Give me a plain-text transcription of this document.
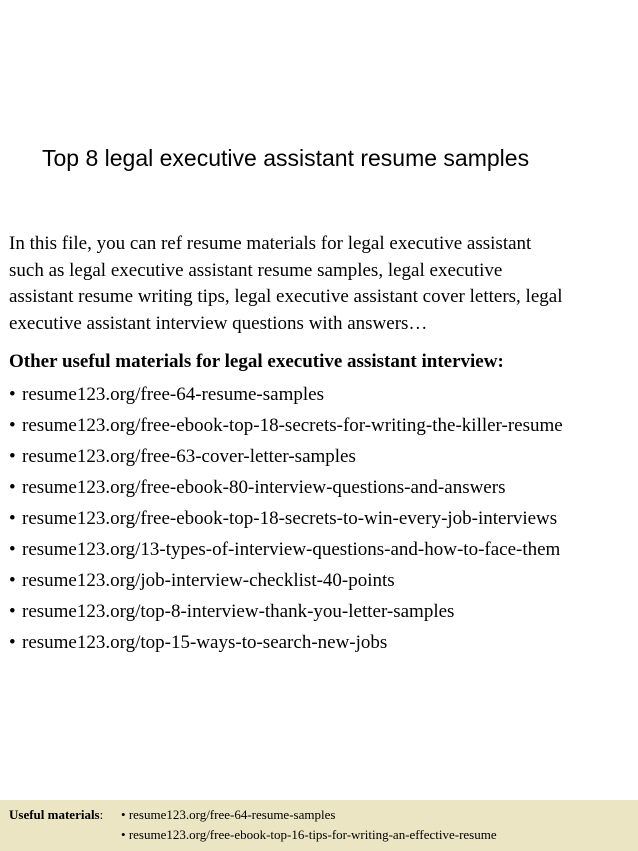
Top 8 legal executive assistant resume samples
In this file, you can ref resume materials for legal executive assistant
such as legal executive assistant resume samples, legal executive
assistant resume writing tips, legal executive assistant cover letters, legal
executive assistant interview questions with answers…
Other useful materials for legal executive assistant interview:
• resume123.org/free-64-resume-samples
• resume123.org/free-ebook-top-18-secrets-for-writing-the-killer-resume
• resume123.org/free-63-cover-letter-samples
• resume123.org/free-ebook-80-interview-questions-and-answers
• resume123.org/free-ebook-top-18-secrets-to-win-every-job-interviews
• resume123.org/13-types-of-interview-questions-and-how-to-face-them
• resume123.org/job-interview-checklist-40-points
• resume123.org/top-8-interview-thank-you-letter-samples
• resume123.org/top-15-ways-to-search-new-jobs
Useful materials: • resume123.org/free-64-resume-samples
• resume123.org/free-ebook-top-16-tips-for-writing-an-effective-resume
